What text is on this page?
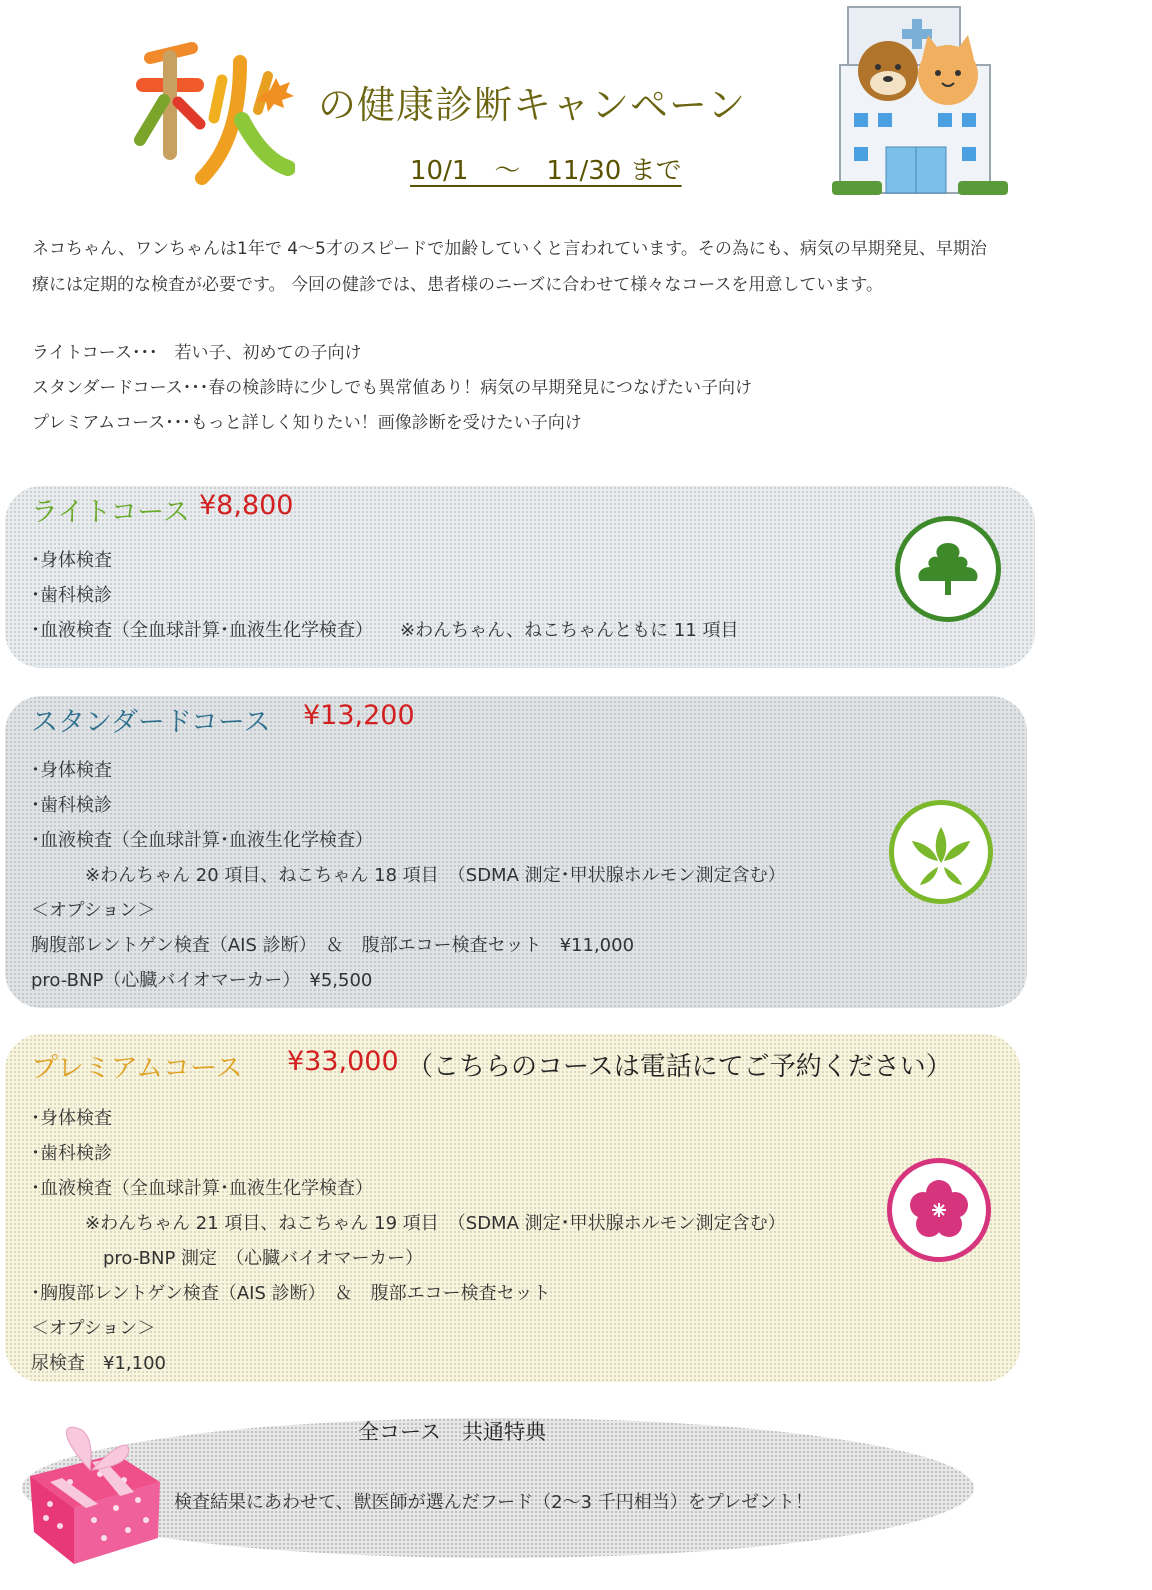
秋
の健康診断キャンペーン
10/1　～　11/30 まで
ネコちゃん、ワンちゃんは1年で 4～5才のスピードで加齢していくと言われています。その為にも、病気の早期発見、早期治
療には定期的な検査が必要です。 今回の健診では、患者様のニーズに合わせて様々なコースを用意しています。
ライトコース･･･　若い子、初めての子向け
スタンダードコース･･･春の検診時に少しでも異常値あり！病気の早期発見につなげたい子向け
プレミアムコース･･･もっと詳しく知りたい！画像診断を受けたい子向け
ライトコース ¥8,800
･身体検査
･歯科検診
･血液検査（全血球計算･血液生化学検査）　　※わんちゃん、ねこちゃんともに 11 項目
スタンダードコース ¥13,200
･身体検査
･歯科検診
･血液検査（全血球計算･血液生化学検査）
　　　※わんちゃん 20 項目、ねこちゃん 18 項目　（SDMA 測定･甲状腺ホルモン測定含む）
＜オプション＞
胸腹部レントゲン検査（AIS 診断）　＆　腹部エコー検査セット　¥11,000
pro-BNP（心臓バイオマーカー）　¥5,500
プレミアムコース ¥33,000 （こちらのコースは電話にてご予約ください）
･身体検査
･歯科検診
･血液検査（全血球計算･血液生化学検査）
　　　※わんちゃん 21 項目、ねこちゃん 19 項目　（SDMA 測定･甲状腺ホルモン測定含む）
　　　　pro-BNP 測定　（心臓バイオマーカー）
･胸腹部レントゲン検査（AIS 診断）　＆　腹部エコー検査セット
＜オプション＞
尿検査　¥1,100
全コース　共通特典
検査結果にあわせて、獣医師が選んだフード（2～3 千円相当）をプレゼント！
